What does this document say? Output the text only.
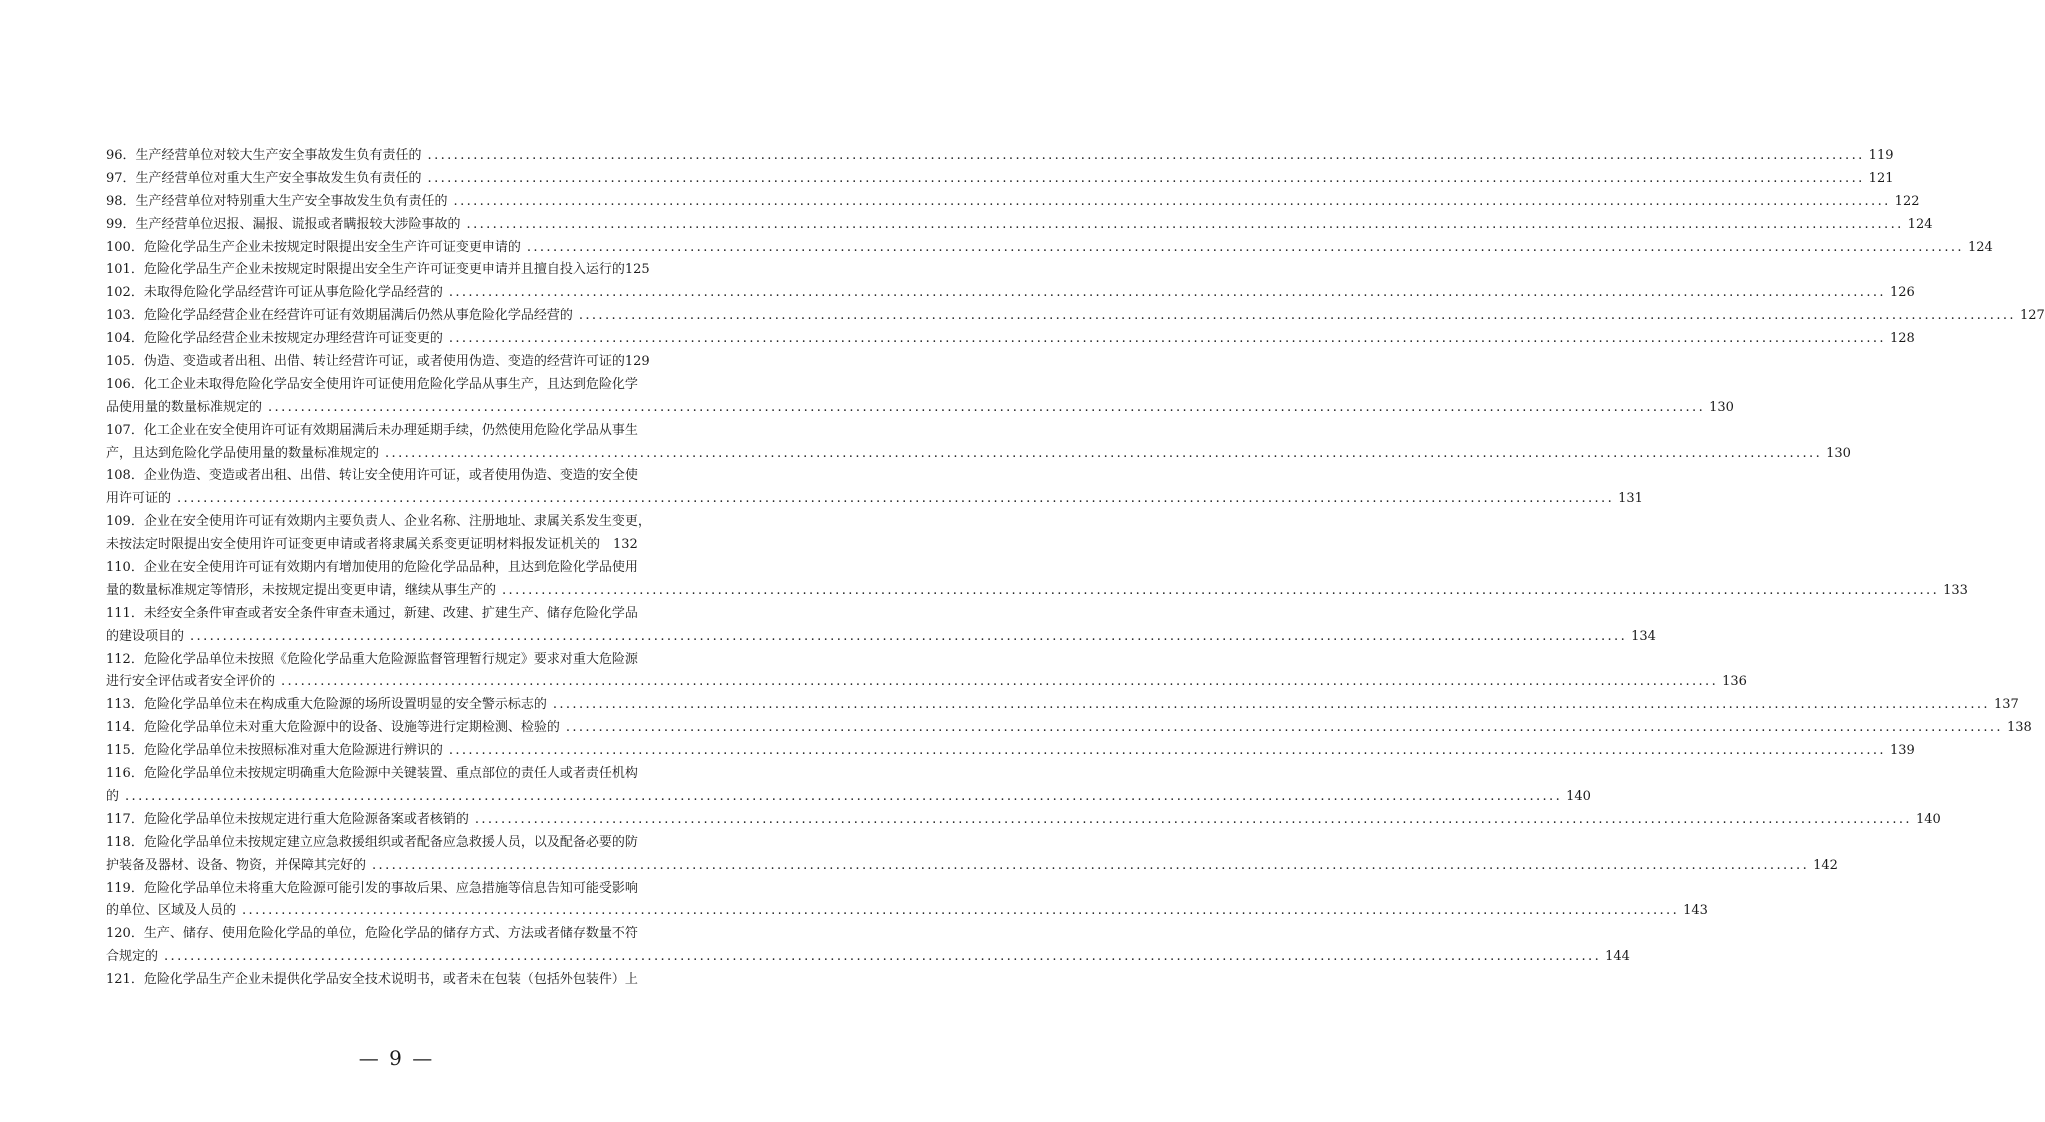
96．生产经营单位对较大生产安全事故发生负有责任的 ............................................................................................................................................................................................................................ 119
97．生产经营单位对重大生产安全事故发生负有责任的 ............................................................................................................................................................................................................................ 121
98．生产经营单位对特别重大生产安全事故发生负有责任的 ............................................................................................................................................................................................................................ 122
99．生产经营单位迟报、漏报、谎报或者瞒报较大涉险事故的 ............................................................................................................................................................................................................................ 124
100．危险化学品生产企业未按规定时限提出安全生产许可证变更申请的 ............................................................................................................................................................................................................................ 124
101．危险化学品生产企业未按规定时限提出安全生产许可证变更申请并且擅自投入运行的125
102．未取得危险化学品经营许可证从事危险化学品经营的 ............................................................................................................................................................................................................................ 126
103．危险化学品经营企业在经营许可证有效期届满后仍然从事危险化学品经营的 ............................................................................................................................................................................................................................ 127
104．危险化学品经营企业未按规定办理经营许可证变更的 ............................................................................................................................................................................................................................ 128
105．伪造、变造或者出租、出借、转让经营许可证，或者使用伪造、变造的经营许可证的129
106．化工企业未取得危险化学品安全使用许可证使用危险化学品从事生产，且达到危险化学
品使用量的数量标准规定的 ............................................................................................................................................................................................................................ 130
107．化工企业在安全使用许可证有效期届满后未办理延期手续，仍然使用危险化学品从事生
产，且达到危险化学品使用量的数量标准规定的 ............................................................................................................................................................................................................................ 130
108．企业伪造、变造或者出租、出借、转让安全使用许可证，或者使用伪造、变造的安全使
用许可证的 ............................................................................................................................................................................................................................ 131
109．企业在安全使用许可证有效期内主要负责人、企业名称、注册地址、隶属关系发生变更，
未按法定时限提出安全使用许可证变更申请或者将隶属关系变更证明材料报发证机关的　132
110．企业在安全使用许可证有效期内有增加使用的危险化学品品种，且达到危险化学品使用
量的数量标准规定等情形，未按规定提出变更申请，继续从事生产的 ............................................................................................................................................................................................................................ 133
111．未经安全条件审查或者安全条件审查未通过，新建、改建、扩建生产、储存危险化学品
的建设项目的 ............................................................................................................................................................................................................................ 134
112．危险化学品单位未按照《危险化学品重大危险源监督管理暂行规定》要求对重大危险源
进行安全评估或者安全评价的 ............................................................................................................................................................................................................................ 136
113．危险化学品单位未在构成重大危险源的场所设置明显的安全警示标志的 ............................................................................................................................................................................................................................ 137
114．危险化学品单位未对重大危险源中的设备、设施等进行定期检测、检验的 ............................................................................................................................................................................................................................ 138
115．危险化学品单位未按照标准对重大危险源进行辨识的 ............................................................................................................................................................................................................................ 139
116．危险化学品单位未按规定明确重大危险源中关键装置、重点部位的责任人或者责任机构
的 ............................................................................................................................................................................................................................ 140
117．危险化学品单位未按规定进行重大危险源备案或者核销的 ............................................................................................................................................................................................................................ 140
118．危险化学品单位未按规定建立应急救援组织或者配备应急救援人员，以及配备必要的防
护装备及器材、设备、物资，并保障其完好的 ............................................................................................................................................................................................................................ 142
119．危险化学品单位未将重大危险源可能引发的事故后果、应急措施等信息告知可能受影响
的单位、区域及人员的 ............................................................................................................................................................................................................................ 143
120．生产、储存、使用危险化学品的单位，危险化学品的储存方式、方法或者储存数量不符
合规定的 ............................................................................................................................................................................................................................ 144
121．危险化学品生产企业未提供化学品安全技术说明书，或者未在包装（包括外包装件）上
— 9 —
